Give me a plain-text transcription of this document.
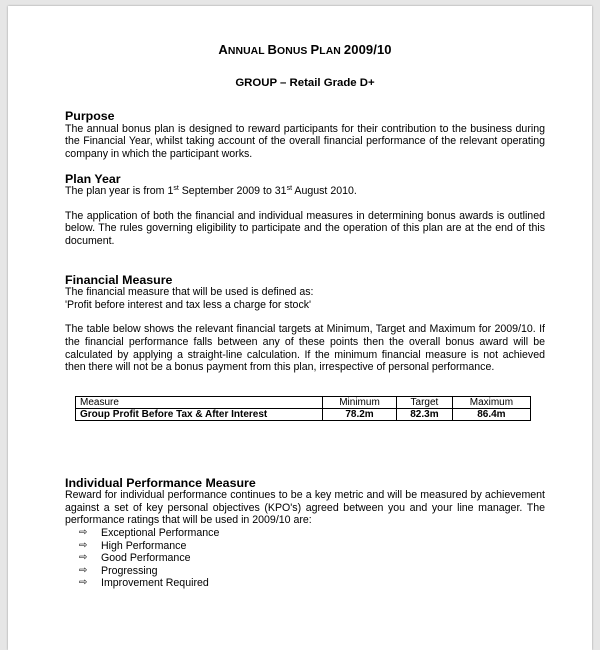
ANNUAL BONUS PLAN 2009/10
GROUP – Retail Grade D+
Purpose

The annual bonus plan is designed to reward participants for their contribution to the business during the Financial Year, whilst taking account of the overall financial performance of the relevant operating company in which the participant works.

Plan Year

The plan year is from 1st September 2009 to 31st August 2010.

The application of both the financial and individual measures in determining bonus awards is outlined below. The rules governing eligibility to participate and the operation of this plan are at the end of this document.

Financial Measure

The financial measure that will be used is defined as:

'Profit before interest and tax less a charge for stock'

The table below shows the relevant financial targets at Minimum, Target and Maximum for 2009/10. If the financial performance falls between any of these points then the overall bonus award will be calculated by applying a straight-line calculation. If the minimum financial measure is not achieved then there will not be a bonus payment from this plan, irrespective of personal performance.

Measure	Minimum	Target	Maximum
Group Profit Before Tax & After Interest	78.2m	82.3m	86.4m
Individual Performance Measure

Reward for individual performance continues to be a key metric and will be measured by achievement against a set of key personal objectives (KPO's) agreed between you and your line manager. The performance ratings that will be used in 2009/10 are:

⇨	Exceptional Performance
⇨	High Performance
⇨	Good Performance
⇨	Progressing
⇨	Improvement Required
